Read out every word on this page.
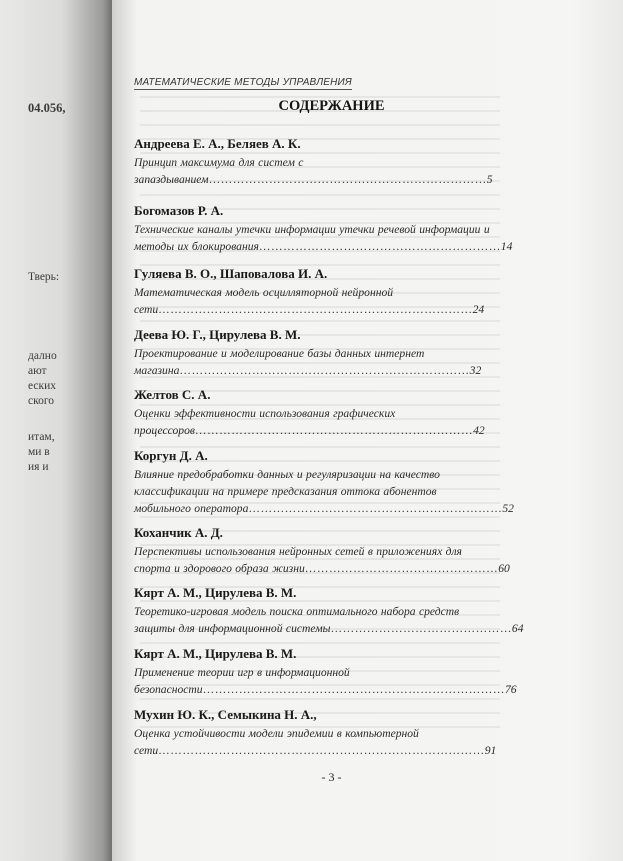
04.056,
Тверь:
дално
ают
еских
ского
итам,
ми в
ия и
МАТЕМАТИЧЕСКИЕ МЕТОДЫ УПРАВЛЕНИЯ
СОДЕРЖАНИЕ
Андреева Е. А., Беляев А. К.
Принцип максимума для систем с
запаздыванием……………………………………………………………5
Богомазов Р. А.
Технические каналы утечки информации утечки речевой информации и
методы их блокирования……………………………………………………14
Гуляева В. О., Шаповалова И. А.
Математическая модель осцилляторной нейронной
сети……………………………………………………………………24
Деева Ю. Г., Цирулева В. М.
Проектирование и моделирование базы данных интернет
магазина………………………………………………………………32
Желтов С. А.
Оценки эффективности использования графических
процессоров……………………………………………………………42
Коргун Д. А.
Влияние предобработки данных и регуляризации на качество
классификации на примере предсказания оттока абонентов
мобильного оператора………………………………………………………52
Коханчик А. Д.
Перспективы использования нейронных сетей в приложениях для
спорта и здорового образа жизни…………………………………………60
Кярт А. М., Цирулева В. М.
Теоретико-игровая модель поиска оптимального набора средств
защиты для информационной системы………………………………………64
Кярт А. М., Цирулева В. М.
Применение теории игр в информационной
безопасности…………………………………………………………………76
Мухин Ю. К., Семыкина Н. А.,
Оценка устойчивости модели эпидемии в компьютерной
сети………………………………………………………………………91
- 3 -
